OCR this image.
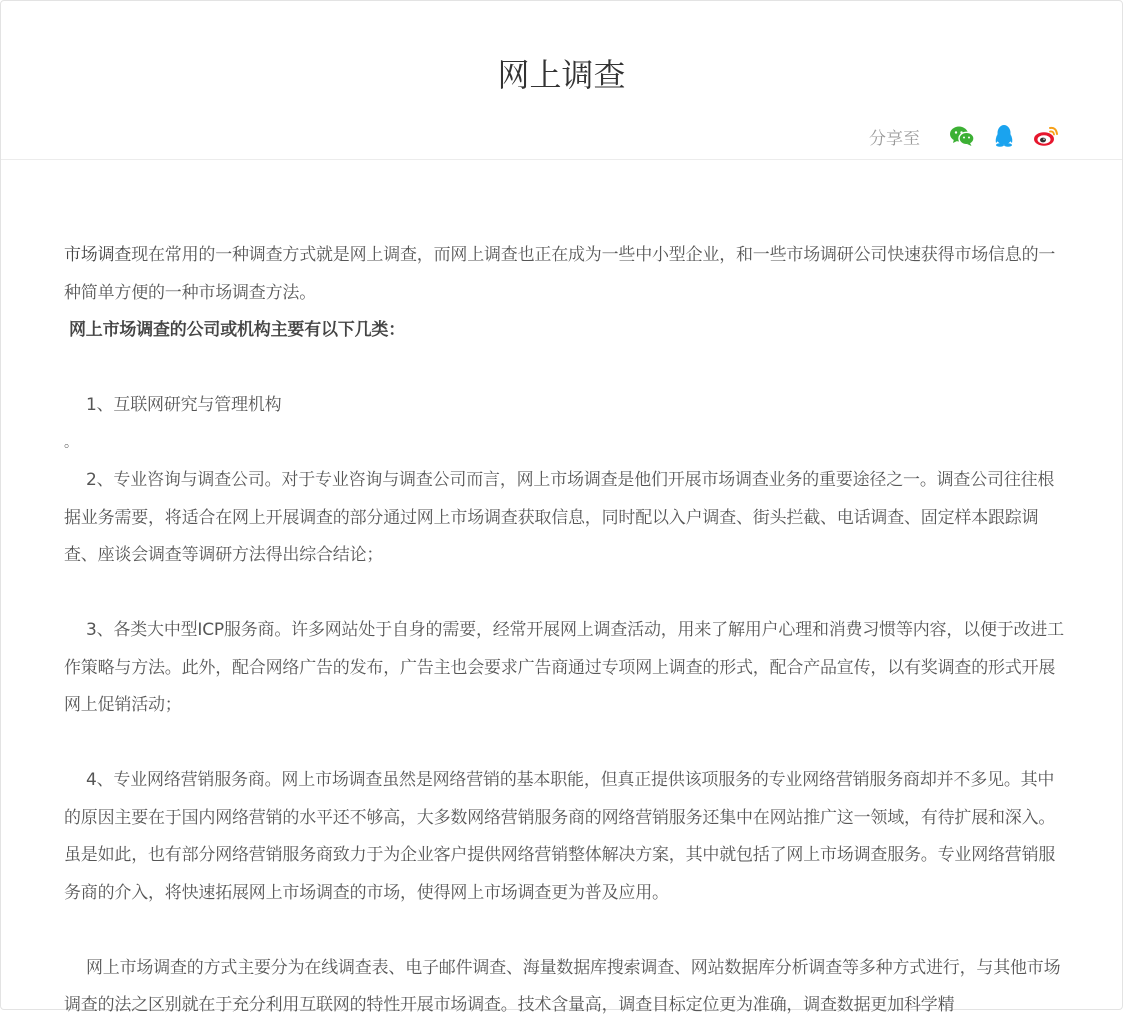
网上调查
分享至

市场调查现在常用的一种调查方式就是网上调查，而网上调查也正在成为一些中小型企业，和一些市场调研公司快速获得市场信息的一种简单方便的一种市场调查方法。

网上市场调查的公司或机构主要有以下几类：

1、互联网研究与管理机构

。

2、专业咨询与调查公司。对于专业咨询与调查公司而言，网上市场调查是他们开展市场调查业务的重要途径之一。调查公司往往根据业务需要，将适合在网上开展调查的部分通过网上市场调查获取信息，同时配以入户调查、街头拦截、电话调查、固定样本跟踪调查、座谈会调查等调研方法得出综合结论；

3、各类大中型ICP服务商。许多网站处于自身的需要，经常开展网上调查活动，用来了解用户心理和消费习惯等内容，以便于改进工作策略与方法。此外，配合网络广告的发布，广告主也会要求广告商通过专项网上调查的形式，配合产品宣传，以有奖调查的形式开展网上促销活动；

4、专业网络营销服务商。网上市场调查虽然是网络营销的基本职能，但真正提供该项服务的专业网络营销服务商却并不多见。其中的原因主要在于国内网络营销的水平还不够高，大多数网络营销服务商的网络营销服务还集中在网站推广这一领域，有待扩展和深入。虽是如此，也有部分网络营销服务商致力于为企业客户提供网络营销整体解决方案，其中就包括了网上市场调查服务。专业网络营销服务商的介入，将快速拓展网上市场调查的市场，使得网上市场调查更为普及应用。

网上市场调查的方式主要分为在线调查表、电子邮件调查、海量数据库搜索调查、网站数据库分析调查等多种方式进行，与其他市场调查的法之区别就在于充分利用互联网的特性开展市场调查。技术含量高，调查目标定位更为准确，调查数据更加科学精
